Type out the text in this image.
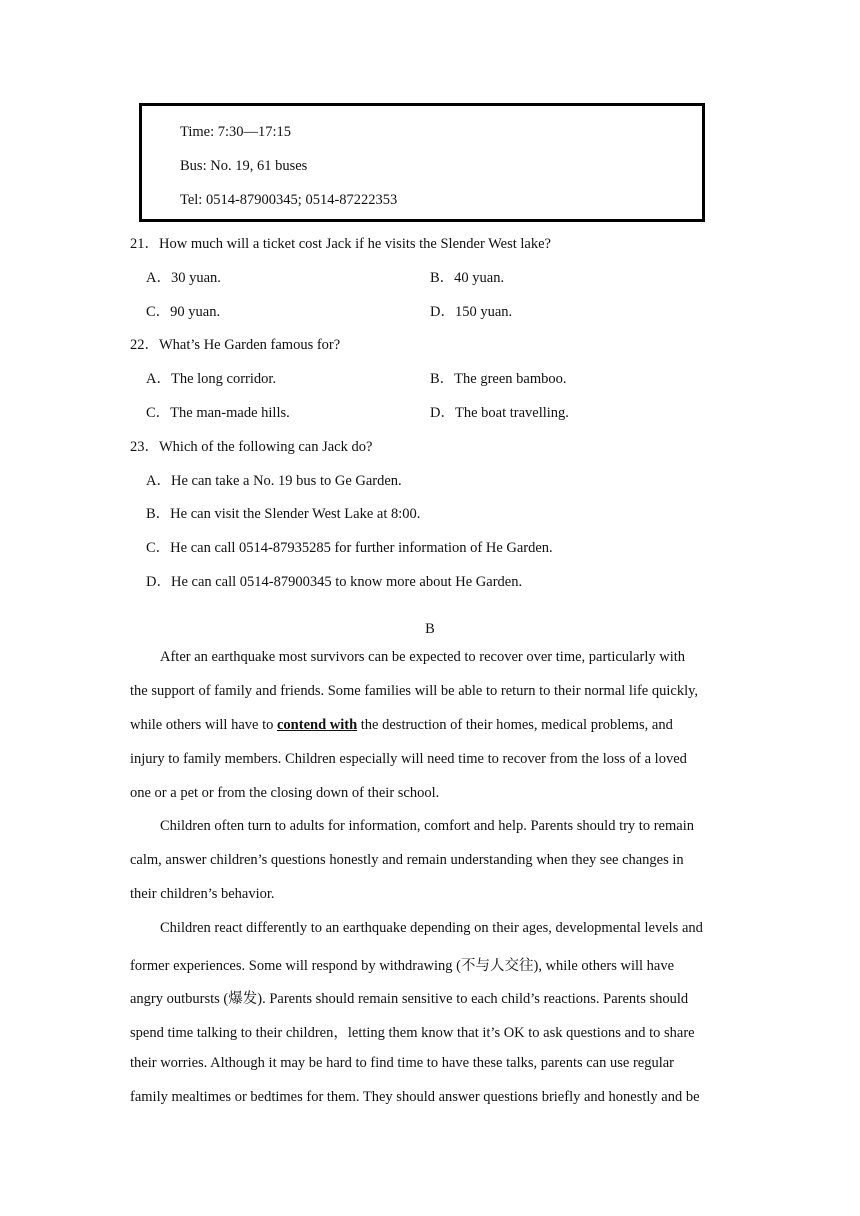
Time: 7:30—17:15
Bus: No. 19, 61 buses
Tel: 0514-87900345; 0514-87222353
21．How much will a ticket cost Jack if he visits the Slender West lake?
A．30 yuan.	B．40 yuan.
C．90 yuan.	D．150 yuan.
22．What’s He Garden famous for?
A．The long corridor.	B．The green bamboo.
C．The man-made hills.	D．The boat travelling.
23．Which of the following can Jack do?
A．He can take a No. 19 bus to Ge Garden.
B．He can visit the Slender West Lake at 8:00.
C．He can call 0514-87935285 for further information of He Garden.
D．He can call 0514-87900345 to know more about He Garden.
B
After an earthquake most survivors can be expected to recover over time, particularly with
the support of family and friends. Some families will be able to return to their normal life quickly,
while others will have to contend with the destruction of their homes, medical problems, and
injury to family members. Children especially will need time to recover from the loss of a loved
one or a pet or from the closing down of their school.
Children often turn to adults for information, comfort and help. Parents should try to remain
calm, answer children’s questions honestly and remain understanding when they see changes in
their children’s behavior.
Children react differently to an earthquake depending on their ages, developmental levels and
former experiences. Some will respond by withdrawing (不与人交往), while others will have
angry outbursts (爆发). Parents should remain sensitive to each child’s reactions. Parents should
spend time talking to their children，letting them know that it’s OK to ask questions and to share
their worries. Although it may be hard to find time to have these talks, parents can use regular
family mealtimes or bedtimes for them. They should answer questions briefly and honestly and be
